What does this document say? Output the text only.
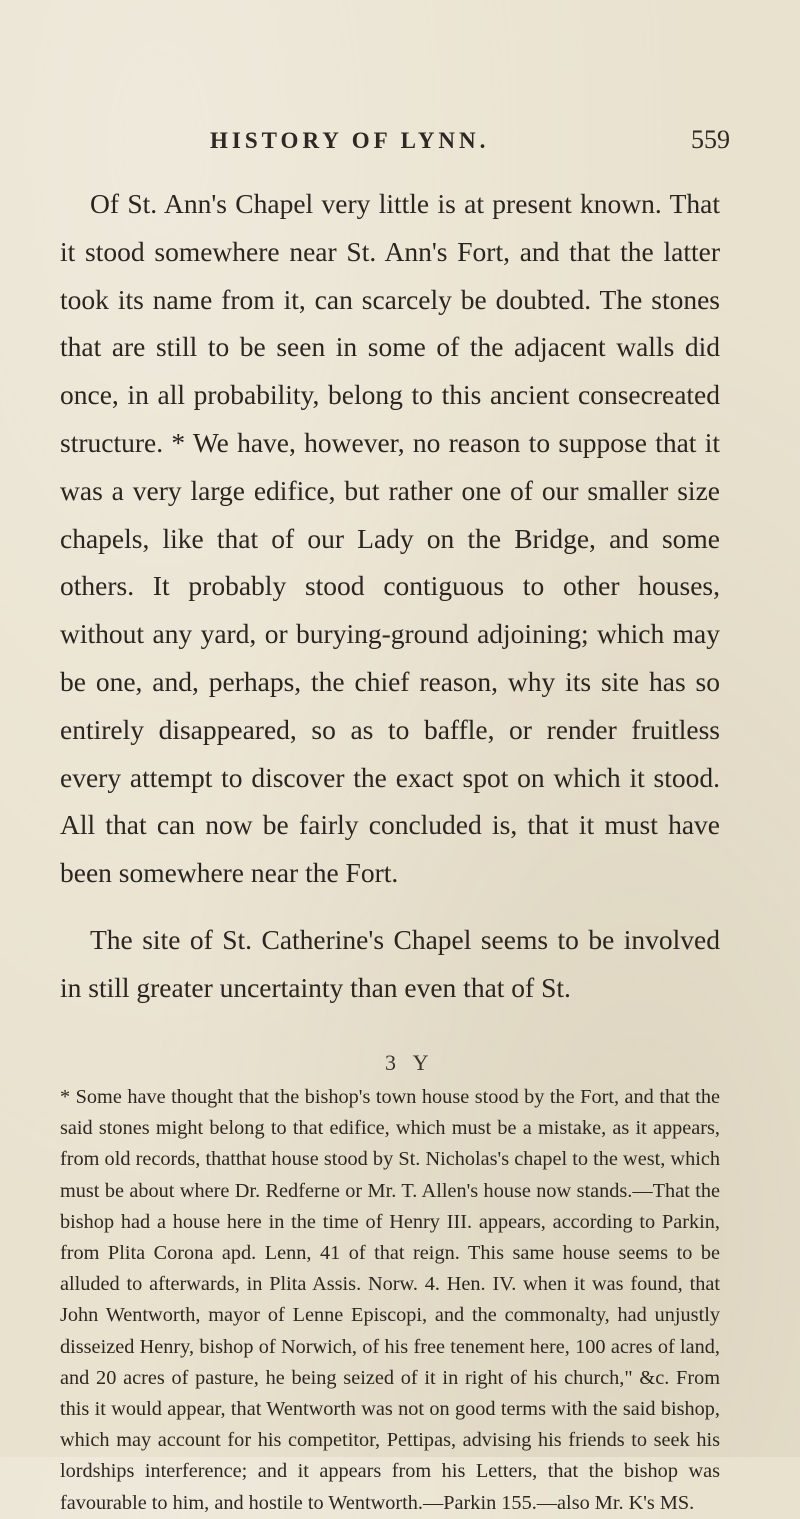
HISTORY OF LYNN.	559

Of St. Ann's Chapel very little is at present known. That it stood somewhere near St. Ann's Fort, and that the latter took its name from it, can scarcely be doubted. The stones that are still to be seen in some of the adjacent walls did once, in all probability, belong to this ancient consecreated structure. * We have, however, no reason to suppose that it was a very large edifice, but rather one of our smaller size chapels, like that of our Lady on the Bridge, and some others. It probably stood contiguous to other houses, without any yard, or burying-ground adjoining; which may be one, and, perhaps, the chief reason, why its site has so entirely disappeared, so as to baffle, or render fruitless every attempt to discover the exact spot on which it stood. All that can now be fairly concluded is, that it must have been somewhere near the Fort.

The site of St. Catherine's Chapel seems to be involved in still greater uncertainty than even that of St.

3 Y

* Some have thought that the bishop's town house stood by the Fort, and that the said stones might belong to that edifice, which must be a mistake, as it appears, from old records, thatthat house stood by St. Nicholas's chapel to the west, which must be about where Dr. Redferne or Mr. T. Allen's house now stands.—That the bishop had a house here in the time of Henry III. appears, according to Parkin, from Plita Corona apd. Lenn, 41 of that reign. This same house seems to be alluded to afterwards, in Plita Assis. Norw. 4. Hen. IV. when it was found, that John Wentworth, mayor of Lenne Episcopi, and the commonalty, had unjustly disseized Henry, bishop of Norwich, of his free tenement here, 100 acres of land, and 20 acres of pasture, he being seized of it in right of his church," &c. From this it would appear, that Wentworth was not on good terms with the said bishop, which may account for his competitor, Pettipas, advising his friends to seek his lordships interference; and it appears from his Letters, that the bishop was favourable to him, and hostile to Wentworth.—Parkin 155.—also Mr. K's MS.
